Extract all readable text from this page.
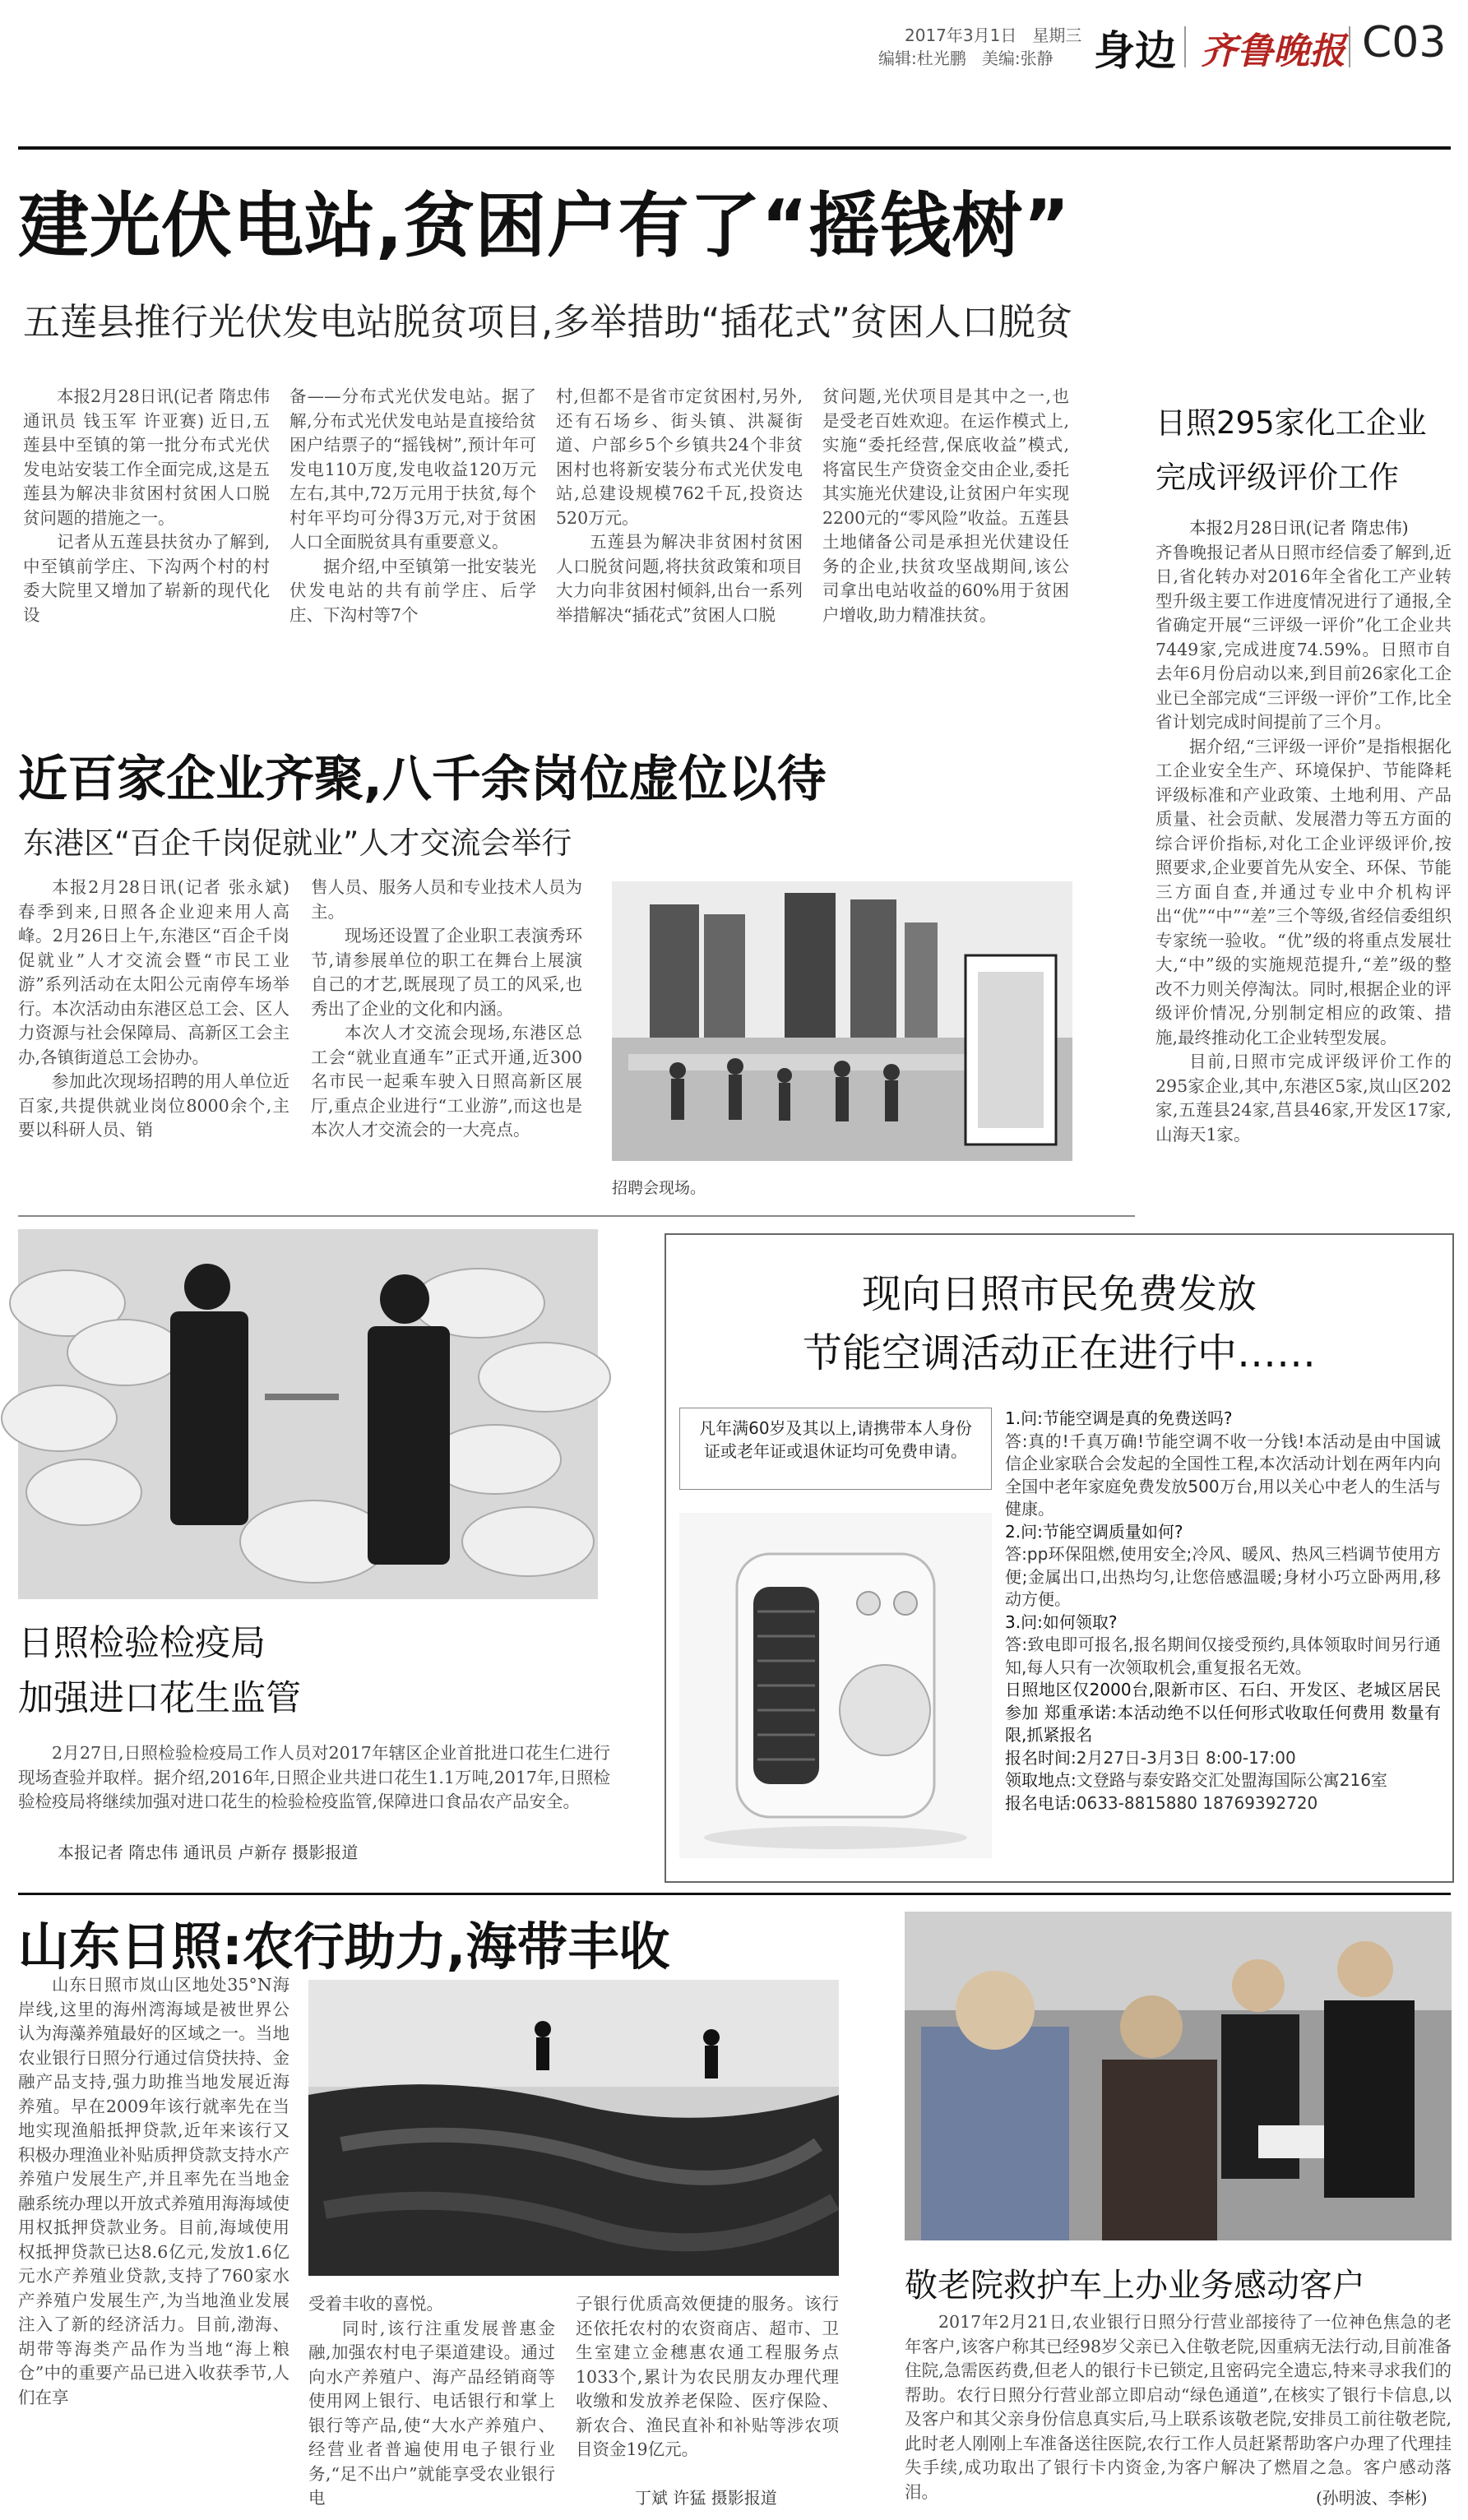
2017年3月1日 星期三
编辑:杜光鹏 美编:张静 身边 齐鲁晚报 C03
建光伏电站,贫困户有了“摇钱树”
五莲县推行光伏发电站脱贫项目,多举措助“插花式”贫困人口脱贫

本报2月28日讯(记者 隋忠伟 通讯员 钱玉军 许亚赛) 近日,五莲县中至镇的第一批分布式光伏发电站安装工作全面完成,这是五莲县为解决非贫困村贫困人口脱贫问题的措施之一。

记者从五莲县扶贫办了解到,中至镇前学庄、下沟两个村的村委大院里又增加了崭新的现代化设

备——分布式光伏发电站。据了解,分布式光伏发电站是直接给贫困户结票子的“摇钱树”,预计年可发电110万度,发电收益120万元左右,其中,72万元用于扶贫,每个村年平均可分得3万元,对于贫困人口全面脱贫具有重要意义。

据介绍,中至镇第一批安装光伏发电站的共有前学庄、后学庄、下沟村等7个

村,但都不是省市定贫困村,另外,还有石场乡、街头镇、洪凝街道、户部乡5个乡镇共24个非贫困村也将新安装分布式光伏发电站,总建设规模762千瓦,投资达520万元。

五莲县为解决非贫困村贫困人口脱贫问题,将扶贫政策和项目大力向非贫困村倾斜,出台一系列举措解决“插花式”贫困人口脱

贫问题,光伏项目是其中之一,也是受老百姓欢迎。在运作模式上,实施“委托经营,保底收益”模式,将富民生产贷资金交由企业,委托其实施光伏建设,让贫困户年实现2200元的“零风险”收益。五莲县土地储备公司是承担光伏建设任务的企业,扶贫攻坚战期间,该公司拿出电站收益的60%用于贫困户增收,助力精准扶贫。

日照295家化工企业
完成评级评价工作

本报2月28日讯(记者 隋忠伟)

齐鲁晚报记者从日照市经信委了解到,近日,省化转办对2016年全省化工产业转型升级主要工作进度情况进行了通报,全省确定开展“三评级一评价”化工企业共7449家,完成进度74.59%。日照市自去年6月份启动以来,到目前26家化工企业已全部完成“三评级一评价”工作,比全省计划完成时间提前了三个月。

据介绍,“三评级一评价”是指根据化工企业安全生产、环境保护、节能降耗评级标准和产业政策、土地利用、产品质量、社会贡献、发展潜力等五方面的综合评价指标,对化工企业评级评价,按照要求,企业要首先从安全、环保、节能三方面自查,并通过专业中介机构评出“优”“中”“差”三个等级,省经信委组织专家统一验收。“优”级的将重点发展壮大,“中”级的实施规范提升,“差”级的整改不力则关停淘汰。同时,根据企业的评级评价情况,分别制定相应的政策、措施,最终推动化工企业转型发展。

目前,日照市完成评级评价工作的295家企业,其中,东港区5家,岚山区202家,五莲县24家,莒县46家,开发区17家,山海天1家。

近百家企业齐聚,八千余岗位虚位以待
东港区“百企千岗促就业”人才交流会举行

本报2月28日讯(记者 张永斌) 春季到来,日照各企业迎来用人高峰。2月26日上午,东港区“百企千岗促就业”人才交流会暨“市民工业游”系列活动在太阳公元南停车场举行。本次活动由东港区总工会、区人力资源与社会保障局、高新区工会主办,各镇街道总工会协办。

参加此次现场招聘的用人单位近百家,共提供就业岗位8000余个,主要以科研人员、销

售人员、服务人员和专业技术人员为主。

现场还设置了企业职工表演秀环节,请参展单位的职工在舞台上展演自己的才艺,既展现了员工的风采,也秀出了企业的文化和内涵。

本次人才交流会现场,东港区总工会“就业直通车”正式开通,近300名市民一起乘车驶入日照高新区展厅,重点企业进行“工业游”,而这也是本次人才交流会的一大亮点。

招聘会现场。
日照检验检疫局
加强进口花生监管

2月27日,日照检验检疫局工作人员对2017年辖区企业首批进口花生仁进行现场查验并取样。据介绍,2016年,日照企业共进口花生1.1万吨,2017年,日照检验检疫局将继续加强对进口花生的检验检疫监管,保障进口食品农产品安全。

本报记者 隋忠伟 通讯员 卢新存 摄影报道
现向日照市民免费发放
节能空调活动正在进行中……
凡年满60岁及其以上,请携带本人身份证或老年证或退休证均可免费申请。

1.问:节能空调是真的免费送吗?

答:真的!千真万确!节能空调不收一分钱!本活动是由中国诚信企业家联合会发起的全国性工程,本次活动计划在两年内向全国中老年家庭免费发放500万台,用以关心中老人的生活与健康。

2.问:节能空调质量如何?

答:pp环保阻燃,使用安全;冷风、暖风、热风三档调节使用方便;金属出口,出热均匀,让您倍感温暖;身材小巧立卧两用,移动方便。

3.问:如何领取?

答:致电即可报名,报名期间仅接受预约,具体领取时间另行通知,每人只有一次领取机会,重复报名无效。

日照地区仅2000台,限新市区、石臼、开发区、老城区居民参加 郑重承诺:本活动绝不以任何形式收取任何费用 数量有限,抓紧报名

报名时间:2月27日-3月3日 8:00-17:00

领取地点:文登路与泰安路交汇处盟海国际公寓216室

报名电话:0633-8815880 18769392720

山东日照:农行助力,海带丰收

山东日照市岚山区地处35°N海岸线,这里的海州湾海域是被世界公认为海藻养殖最好的区域之一。当地农业银行日照分行通过信贷扶持、金融产品支持,强力助推当地发展近海养殖。早在2009年该行就率先在当地实现渔船抵押贷款,近年来该行又积极办理渔业补贴质押贷款支持水产养殖户发展生产,并且率先在当地金融系统办理以开放式养殖用海海域使用权抵押贷款业务。目前,海域使用权抵押贷款已达8.6亿元,发放1.6亿元水产养殖业贷款,支持了760家水产养殖户发展生产,为当地渔业发展注入了新的经济活力。目前,渤海、胡带等海类产品作为当地“海上粮仓”中的重要产品已进入收获季节,人们在享

受着丰收的喜悦。

同时,该行注重发展普惠金融,加强农村电子渠道建设。通过向水产养殖户、海产品经销商等使用网上银行、电话银行和掌上银行等产品,使“大水产养殖户、经营业者普遍使用电子银行业务,“足不出户”就能享受农业银行电

子银行优质高效便捷的服务。该行还依托农村的农资商店、超市、卫生室建立金穗惠农通工程服务点1033个,累计为农民朋友办理代理收缴和发放养老保险、医疗保险、新农合、渔民直补和补贴等涉农项目资金19亿元。

丁斌 许猛 摄影报道
敬老院救护车上办业务感动客户

2017年2月21日,农业银行日照分行营业部接待了一位神色焦急的老年客户,该客户称其已经98岁父亲已入住敬老院,因重病无法行动,目前准备住院,急需医药费,但老人的银行卡已锁定,且密码完全遗忘,特来寻求我们的帮助。农行日照分行营业部立即启动“绿色通道”,在核实了银行卡信息,以及客户和其父亲身份信息真实后,马上联系该敬老院,安排员工前往敬老院,此时老人刚刚上车准备送往医院,农行工作人员赶紧帮助客户办理了代理挂失手续,成功取出了银行卡内资金,为客户解决了燃眉之急。客户感动落泪。	(孙明波、李彬)
